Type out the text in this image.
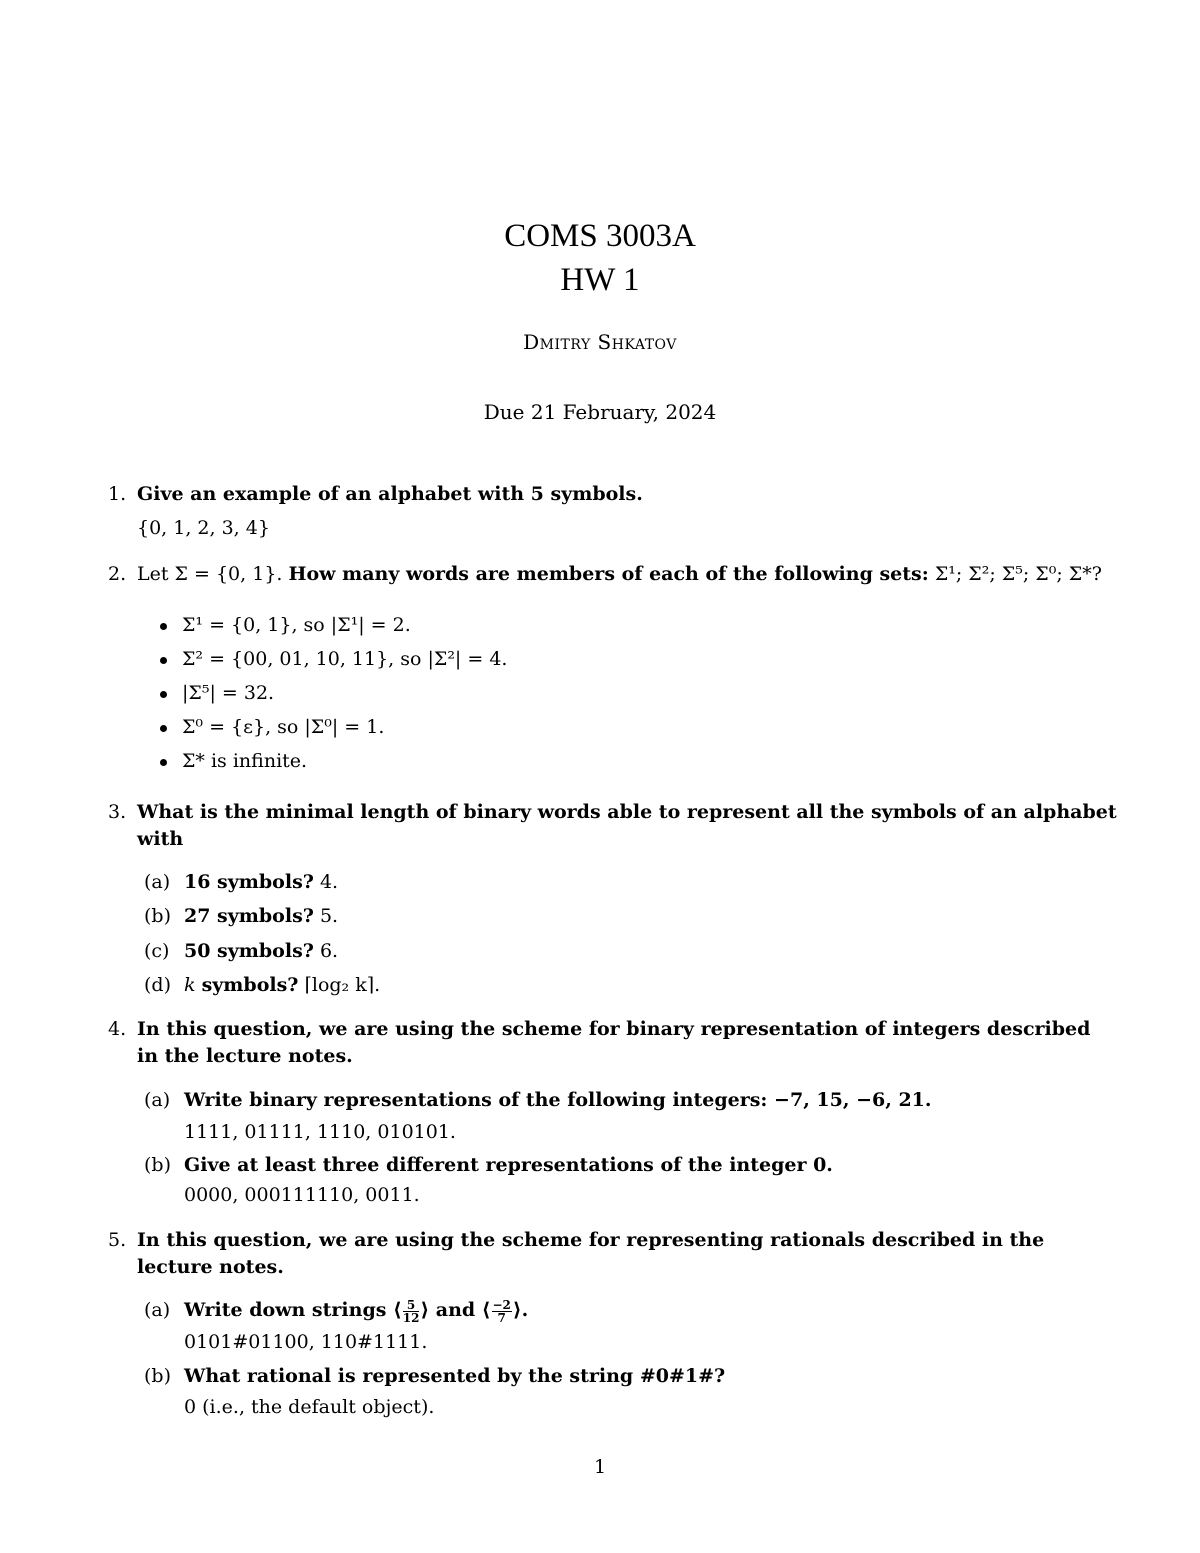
COMS 3003A
HW 1
Dmitry Shkatov
Due 21 February, 2024
1. Give an example of an alphabet with 5 symbols.
{0, 1, 2, 3, 4}
2. Let Σ = {0, 1}. How many words are members of each of the following sets: Σ¹; Σ²; Σ⁵; Σ⁰; Σ*?
Σ¹ = {0, 1}, so |Σ¹| = 2.
Σ² = {00, 01, 10, 11}, so |Σ²| = 4.
|Σ⁵| = 32.
Σ⁰ = {ε}, so |Σ⁰| = 1.
Σ* is infinite.
3. What is the minimal length of binary words able to represent all the symbols of an alphabet with
(a) 16 symbols? 4.
(b) 27 symbols? 5.
(c) 50 symbols? 6.
(d) k symbols? ⌈log₂ k⌉.
4. In this question, we are using the scheme for binary representation of integers described in the lecture notes.
(a) Write binary representations of the following integers: −7, 15, −6, 21.
1111, 01111, 1110, 010101.
(b) Give at least three different representations of the integer 0.
0000, 000111110, 0011.
5. In this question, we are using the scheme for representing rationals described in the lecture notes.
(a) Write down strings ⟨ $\frac{5}{12}$ ⟩ and ⟨ $\frac{-2}{7}$ ⟩.
0101#01100, 110#1111.
(b) What rational is represented by the string #0#1#?
0 (i.e., the default object).
1
